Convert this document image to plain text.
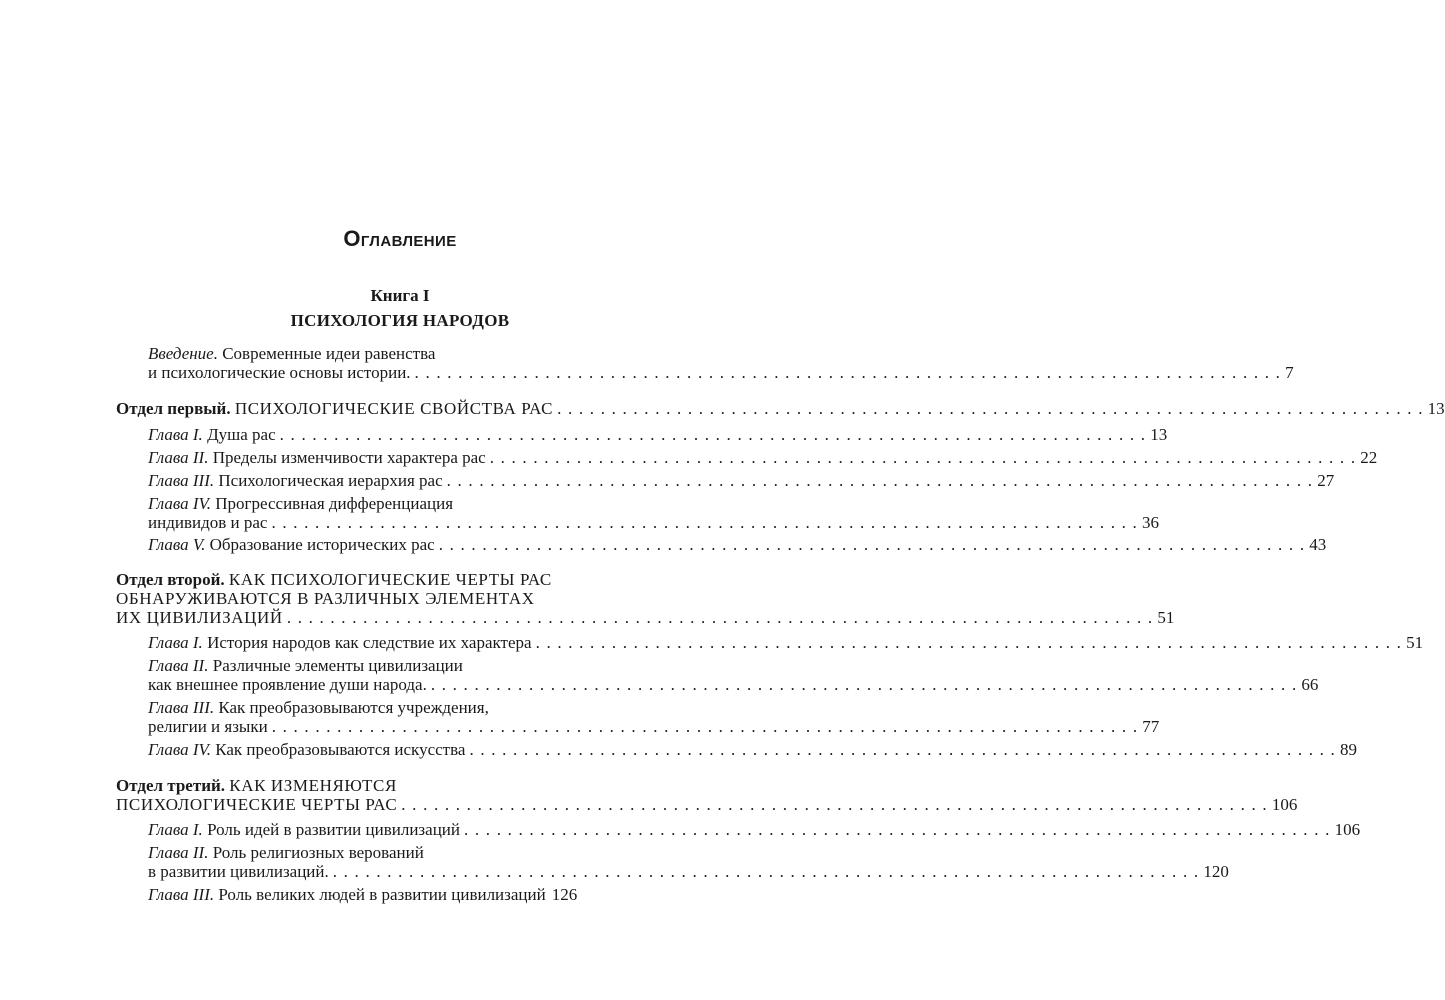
Оглавление
Книга I
ПСИХОЛОГИЯ НАРОДОВ
Введение. Современные идеи равенства
и психологические основы истории. . . . . . . . . . . . . . . . . . . . . . . . . . . . . . . . . . . . . . . . . . . . . . . . . . . . . . . . . . . . . . . . . . . . . . . . . . . . . . . . . 7
Отдел первый. ПСИХОЛОГИЧЕСКИЕ СВОЙСТВА РАС . . . . . . . . . . . . . . . . . . . . . . . . . . . . . . . . . . . . . . . . . . . . . . . . . . . . . . . . . . . . . . . . . . . . . . . . . . . . . . . . 13
Глава I. Душа рас . . . . . . . . . . . . . . . . . . . . . . . . . . . . . . . . . . . . . . . . . . . . . . . . . . . . . . . . . . . . . . . . . . . . . . . . . . . . . . . . 13
Глава II. Пределы изменчивости характера рас . . . . . . . . . . . . . . . . . . . . . . . . . . . . . . . . . . . . . . . . . . . . . . . . . . . . . . . . . . . . . . . . . . . . . . . . . . . . . . . . 22
Глава III. Психологическая иерархия рас . . . . . . . . . . . . . . . . . . . . . . . . . . . . . . . . . . . . . . . . . . . . . . . . . . . . . . . . . . . . . . . . . . . . . . . . . . . . . . . . 27
Глава IV. Прогрессивная дифференциация
индивидов и рас . . . . . . . . . . . . . . . . . . . . . . . . . . . . . . . . . . . . . . . . . . . . . . . . . . . . . . . . . . . . . . . . . . . . . . . . . . . . . . . . 36
Глава V. Образование исторических рас . . . . . . . . . . . . . . . . . . . . . . . . . . . . . . . . . . . . . . . . . . . . . . . . . . . . . . . . . . . . . . . . . . . . . . . . . . . . . . . . 43
Отдел второй. КАК ПСИХОЛОГИЧЕСКИЕ ЧЕРТЫ РАС
ОБНАРУЖИВАЮТСЯ В РАЗЛИЧНЫХ ЭЛЕМЕНТАХ
ИХ ЦИВИЛИЗАЦИЙ . . . . . . . . . . . . . . . . . . . . . . . . . . . . . . . . . . . . . . . . . . . . . . . . . . . . . . . . . . . . . . . . . . . . . . . . . . . . . . . . 51
Глава I. История народов как следствие их характера . . . . . . . . . . . . . . . . . . . . . . . . . . . . . . . . . . . . . . . . . . . . . . . . . . . . . . . . . . . . . . . . . . . . . . . . . . . . . . . . 51
Глава II. Различные элементы цивилизации
как внешнее проявление души народа. . . . . . . . . . . . . . . . . . . . . . . . . . . . . . . . . . . . . . . . . . . . . . . . . . . . . . . . . . . . . . . . . . . . . . . . . . . . . . . . . 66
Глава III. Как преобразовываются учреждения,
религии и языки . . . . . . . . . . . . . . . . . . . . . . . . . . . . . . . . . . . . . . . . . . . . . . . . . . . . . . . . . . . . . . . . . . . . . . . . . . . . . . . . 77
Глава IV. Как преобразовываются искусства . . . . . . . . . . . . . . . . . . . . . . . . . . . . . . . . . . . . . . . . . . . . . . . . . . . . . . . . . . . . . . . . . . . . . . . . . . . . . . . . 89
Отдел третий. КАК ИЗМЕНЯЮТСЯ
ПСИХОЛОГИЧЕСКИЕ ЧЕРТЫ РАС . . . . . . . . . . . . . . . . . . . . . . . . . . . . . . . . . . . . . . . . . . . . . . . . . . . . . . . . . . . . . . . . . . . . . . . . . . . . . . . . 106
Глава I. Роль идей в развитии цивилизаций . . . . . . . . . . . . . . . . . . . . . . . . . . . . . . . . . . . . . . . . . . . . . . . . . . . . . . . . . . . . . . . . . . . . . . . . . . . . . . . . 106
Глава II. Роль религиозных верований
в развитии цивилизаций. . . . . . . . . . . . . . . . . . . . . . . . . . . . . . . . . . . . . . . . . . . . . . . . . . . . . . . . . . . . . . . . . . . . . . . . . . . . . . . . . 120
Глава III. Роль великих людей в развитии цивилизаций 126
